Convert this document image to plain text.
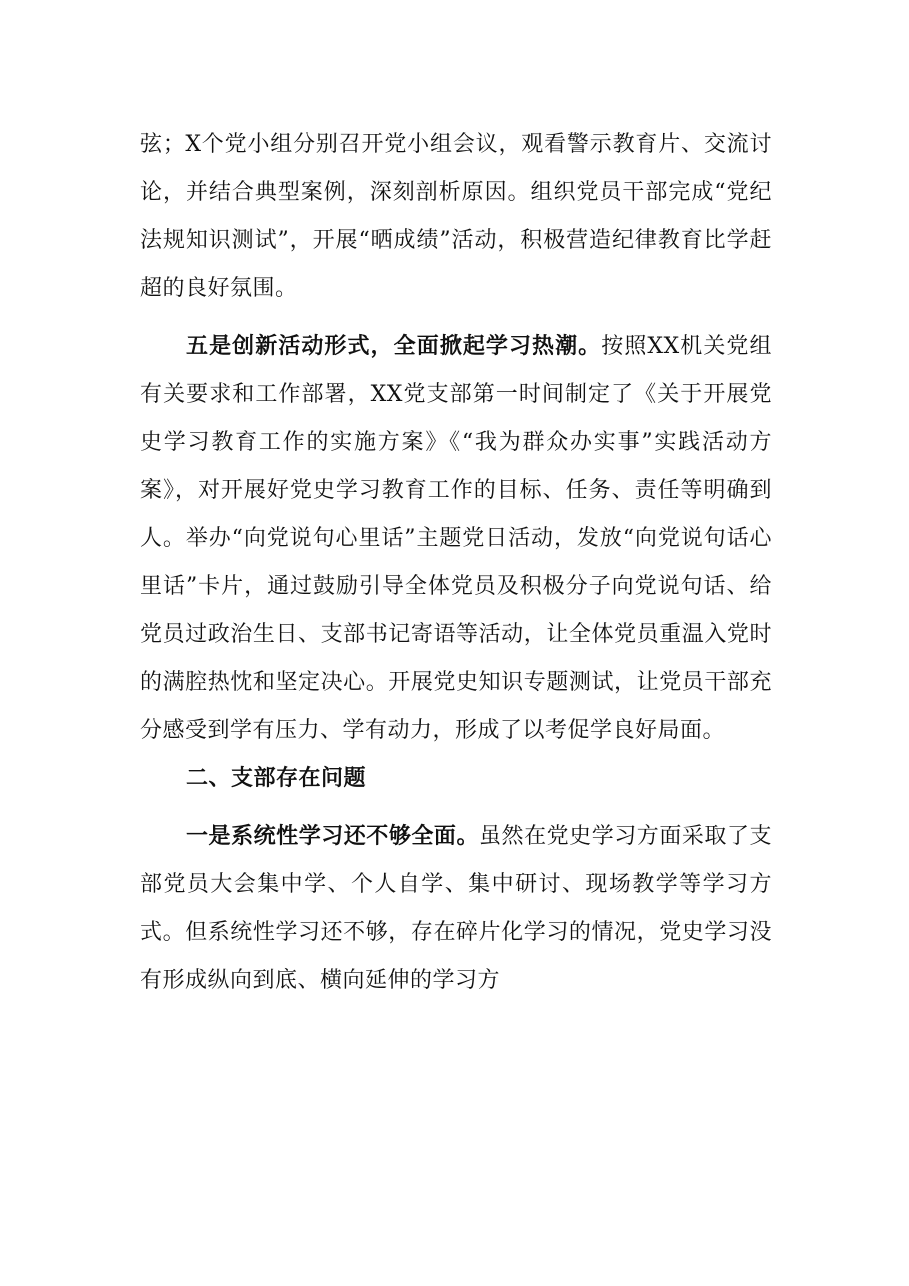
弦；X个党小组分别召开党小组会议，观看警示教育片、交流讨论，并结合典型案例，深刻剖析原因。组织党员干部完成“党纪法规知识测试”，开展“晒成绩”活动，积极营造纪律教育比学赶超的良好氛围。

五是创新活动形式，全面掀起学习热潮。按照XX机关党组有关要求和工作部署，XX党支部第一时间制定了《关于开展党史学习教育工作的实施方案》《“我为群众办实事”实践活动方案》，对开展好党史学习教育工作的目标、任务、责任等明确到人。举办“向党说句心里话”主题党日活动，发放“向党说句话心里话”卡片，通过鼓励引导全体党员及积极分子向党说句话、给党员过政治生日、支部书记寄语等活动，让全体党员重温入党时的满腔热忱和坚定决心。开展党史知识专题测试，让党员干部充分感受到学有压力、学有动力，形成了以考促学良好局面。

二、支部存在问题

一是系统性学习还不够全面。虽然在党史学习方面采取了支部党员大会集中学、个人自学、集中研讨、现场教学等学习方式。但系统性学习还不够，存在碎片化学习的情况，党史学习没有形成纵向到底、横向延伸的学习方
